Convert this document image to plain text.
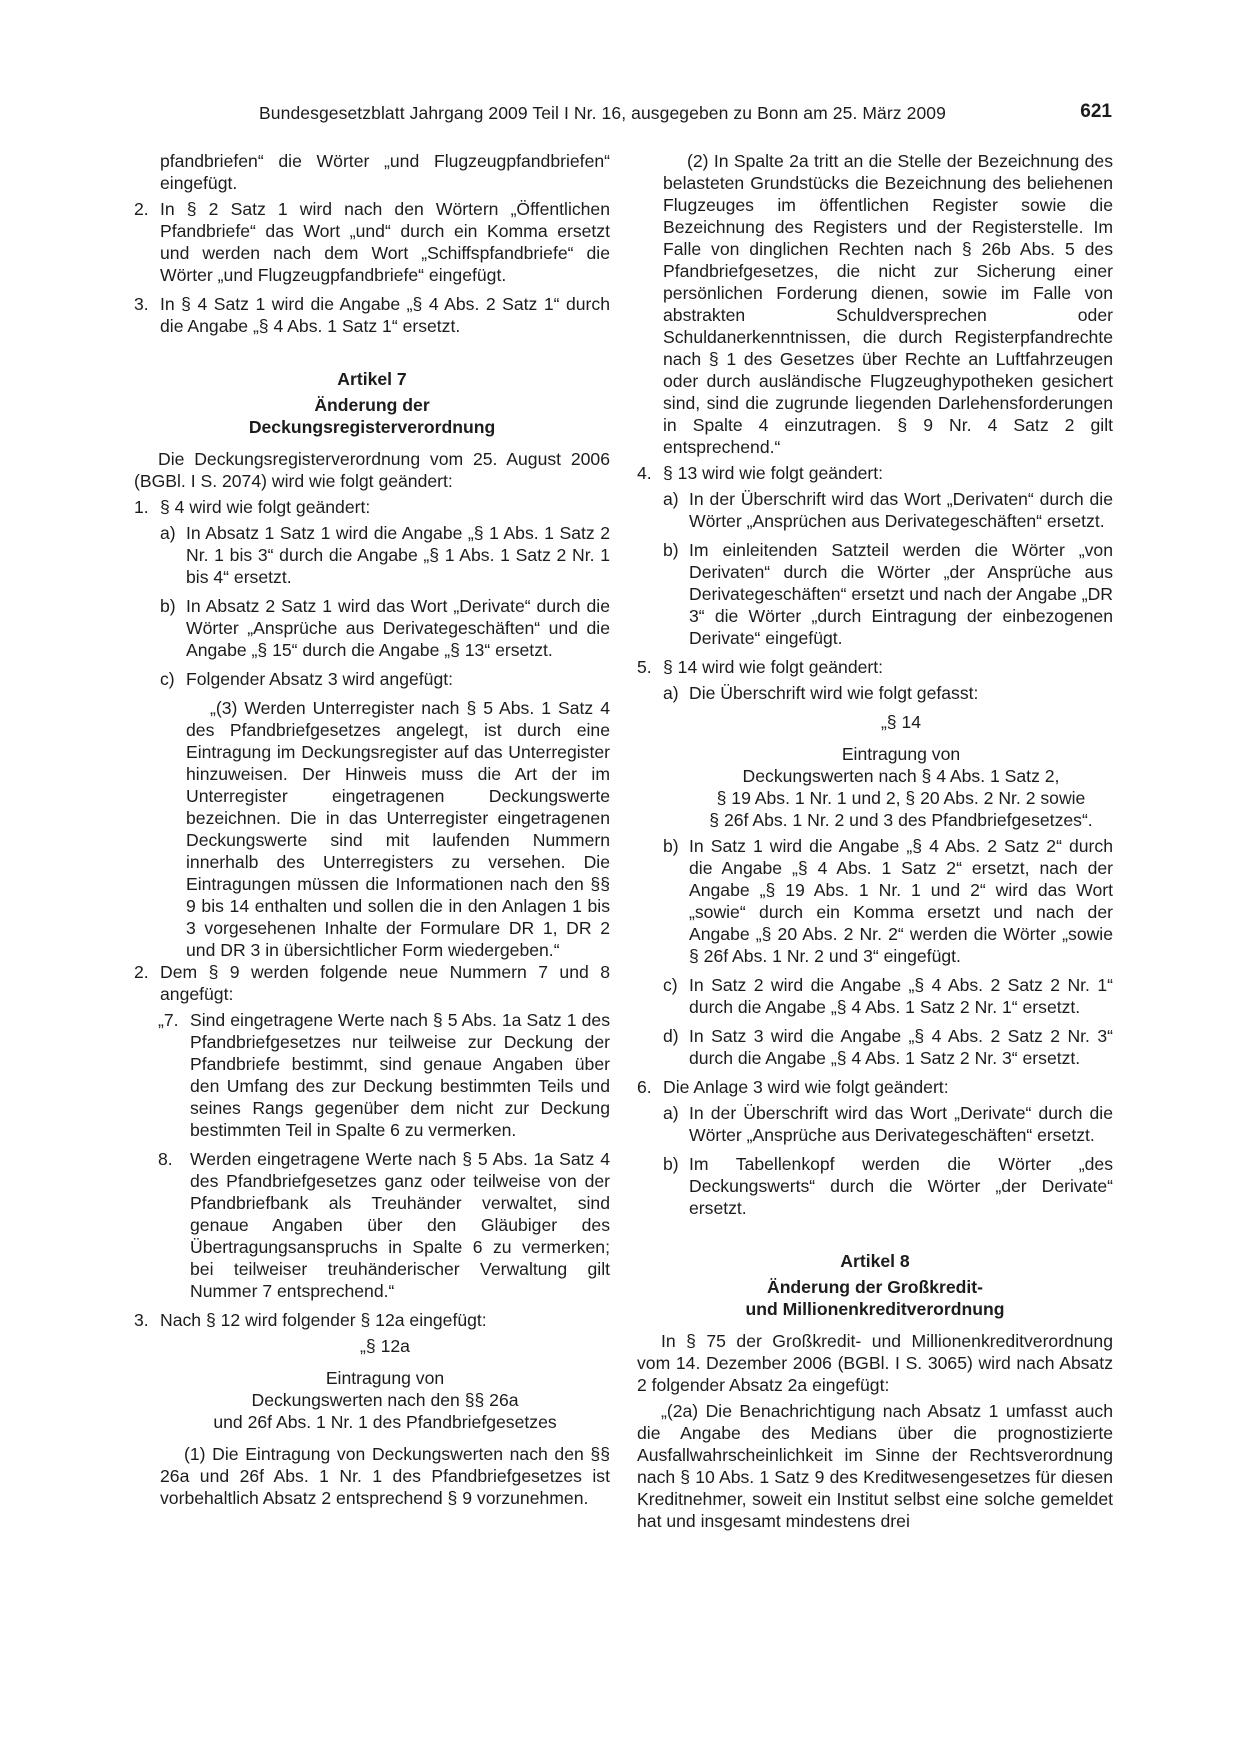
Bundesgesetzblatt Jahrgang 2009 Teil I Nr. 16, ausgegeben zu Bonn am 25. März 2009	621

pfandbriefen“ die Wörter „und Flugzeugpfandbriefen“ eingefügt.

2. In § 2 Satz 1 wird nach den Wörtern „Öffentlichen Pfandbriefe“ das Wort „und“ durch ein Komma ersetzt und werden nach dem Wort „Schiffspfandbriefe“ die Wörter „und Flugzeugpfandbriefe“ eingefügt.
3. In § 4 Satz 1 wird die Angabe „§ 4 Abs. 2 Satz 1“ durch die Angabe „§ 4 Abs. 1 Satz 1“ ersetzt.

Artikel 7

Änderung der

Deckungsregisterverordnung

Die Deckungsregisterverordnung vom 25. August 2006 (BGBl. I S. 2074) wird wie folgt geändert:

1. § 4 wird wie folgt geändert:
a) In Absatz 1 Satz 1 wird die Angabe „§ 1 Abs. 1 Satz 2 Nr. 1 bis 3“ durch die Angabe „§ 1 Abs. 1 Satz 2 Nr. 1 bis 4“ ersetzt.
b) In Absatz 2 Satz 1 wird das Wort „Derivate“ durch die Wörter „Ansprüche aus Derivategeschäften“ und die Angabe „§ 15“ durch die Angabe „§ 13“ ersetzt.
c) Folgender Absatz 3 wird angefügt:

„(3) Werden Unterregister nach § 5 Abs. 1 Satz 4 des Pfandbriefgesetzes angelegt, ist durch eine Eintragung im Deckungsregister auf das Unterregister hinzuweisen. Der Hinweis muss die Art der im Unterregister eingetragenen Deckungswerte bezeichnen. Die in das Unterregister eingetragenen Deckungswerte sind mit laufenden Nummern innerhalb des Unterregisters zu versehen. Die Eintragungen müssen die Informationen nach den §§ 9 bis 14 enthalten und sollen die in den Anlagen 1 bis 3 vorgesehenen Inhalte der Formulare DR 1, DR 2 und DR 3 in übersichtlicher Form wiedergeben.“

2. Dem § 9 werden folgende neue Nummern 7 und 8 angefügt:
„7. Sind eingetragene Werte nach § 5 Abs. 1a Satz 1 des Pfandbriefgesetzes nur teilweise zur Deckung der Pfandbriefe bestimmt, sind genaue Angaben über den Umfang des zur Deckung bestimmten Teils und seines Rangs gegenüber dem nicht zur Deckung bestimmten Teil in Spalte 6 zu vermerken.
8. Werden eingetragene Werte nach § 5 Abs. 1a Satz 4 des Pfandbriefgesetzes ganz oder teilweise von der Pfandbriefbank als Treuhänder verwaltet, sind genaue Angaben über den Gläubiger des Übertragungsanspruchs in Spalte 6 zu vermerken; bei teilweiser treuhänderischer Verwaltung gilt Nummer 7 entsprechend.“
3. Nach § 12 wird folgender § 12a eingefügt:

„§ 12a

Eintragung von

Deckungswerten nach den §§ 26a

und 26f Abs. 1 Nr. 1 des Pfandbriefgesetzes

(1) Die Eintragung von Deckungswerten nach den §§ 26a und 26f Abs. 1 Nr. 1 des Pfandbriefgesetzes ist vorbehaltlich Absatz 2 entsprechend § 9 vorzunehmen.

(2) In Spalte 2a tritt an die Stelle der Bezeichnung des belasteten Grundstücks die Bezeichnung des beliehenen Flugzeuges im öffentlichen Register sowie die Bezeichnung des Registers und der Registerstelle. Im Falle von dinglichen Rechten nach § 26b Abs. 5 des Pfandbriefgesetzes, die nicht zur Sicherung einer persönlichen Forderung dienen, sowie im Falle von abstrakten Schuldversprechen oder Schuldanerkenntnissen, die durch Registerpfandrechte nach § 1 des Gesetzes über Rechte an Luftfahrzeugen oder durch ausländische Flugzeughypotheken gesichert sind, sind die zugrunde liegenden Darlehensforderungen in Spalte 4 einzutragen. § 9 Nr. 4 Satz 2 gilt entsprechend.“

4. § 13 wird wie folgt geändert:
a) In der Überschrift wird das Wort „Derivaten“ durch die Wörter „Ansprüchen aus Derivategeschäften“ ersetzt.
b) Im einleitenden Satzteil werden die Wörter „von Derivaten“ durch die Wörter „der Ansprüche aus Derivategeschäften“ ersetzt und nach der Angabe „DR 3“ die Wörter „durch Eintragung der einbezogenen Derivate“ eingefügt.
5. § 14 wird wie folgt geändert:
a) Die Überschrift wird wie folgt gefasst:

„§ 14

Eintragung von

Deckungswerten nach § 4 Abs. 1 Satz 2,

§ 19 Abs. 1 Nr. 1 und 2, § 20 Abs. 2 Nr. 2 sowie

§ 26f Abs. 1 Nr. 2 und 3 des Pfandbriefgesetzes“.

b) In Satz 1 wird die Angabe „§ 4 Abs. 2 Satz 2“ durch die Angabe „§ 4 Abs. 1 Satz 2“ ersetzt, nach der Angabe „§ 19 Abs. 1 Nr. 1 und 2“ wird das Wort „sowie“ durch ein Komma ersetzt und nach der Angabe „§ 20 Abs. 2 Nr. 2“ werden die Wörter „sowie § 26f Abs. 1 Nr. 2 und 3“ eingefügt.
c) In Satz 2 wird die Angabe „§ 4 Abs. 2 Satz 2 Nr. 1“ durch die Angabe „§ 4 Abs. 1 Satz 2 Nr. 1“ ersetzt.
d) In Satz 3 wird die Angabe „§ 4 Abs. 2 Satz 2 Nr. 3“ durch die Angabe „§ 4 Abs. 1 Satz 2 Nr. 3“ ersetzt.
6. Die Anlage 3 wird wie folgt geändert:
a) In der Überschrift wird das Wort „Derivate“ durch die Wörter „Ansprüche aus Derivategeschäften“ ersetzt.
b) Im Tabellenkopf werden die Wörter „des Deckungswerts“ durch die Wörter „der Derivate“ ersetzt.

Artikel 8

Änderung der Großkredit-

und Millionenkreditverordnung

In § 75 der Großkredit- und Millionenkreditverordnung vom 14. Dezember 2006 (BGBl. I S. 3065) wird nach Absatz 2 folgender Absatz 2a eingefügt:

„(2a) Die Benachrichtigung nach Absatz 1 umfasst auch die Angabe des Medians über die prognostizierte Ausfallwahrscheinlichkeit im Sinne der Rechtsverordnung nach § 10 Abs. 1 Satz 9 des Kreditwesengesetzes für diesen Kreditnehmer, soweit ein Institut selbst eine solche gemeldet hat und insgesamt mindestens drei
